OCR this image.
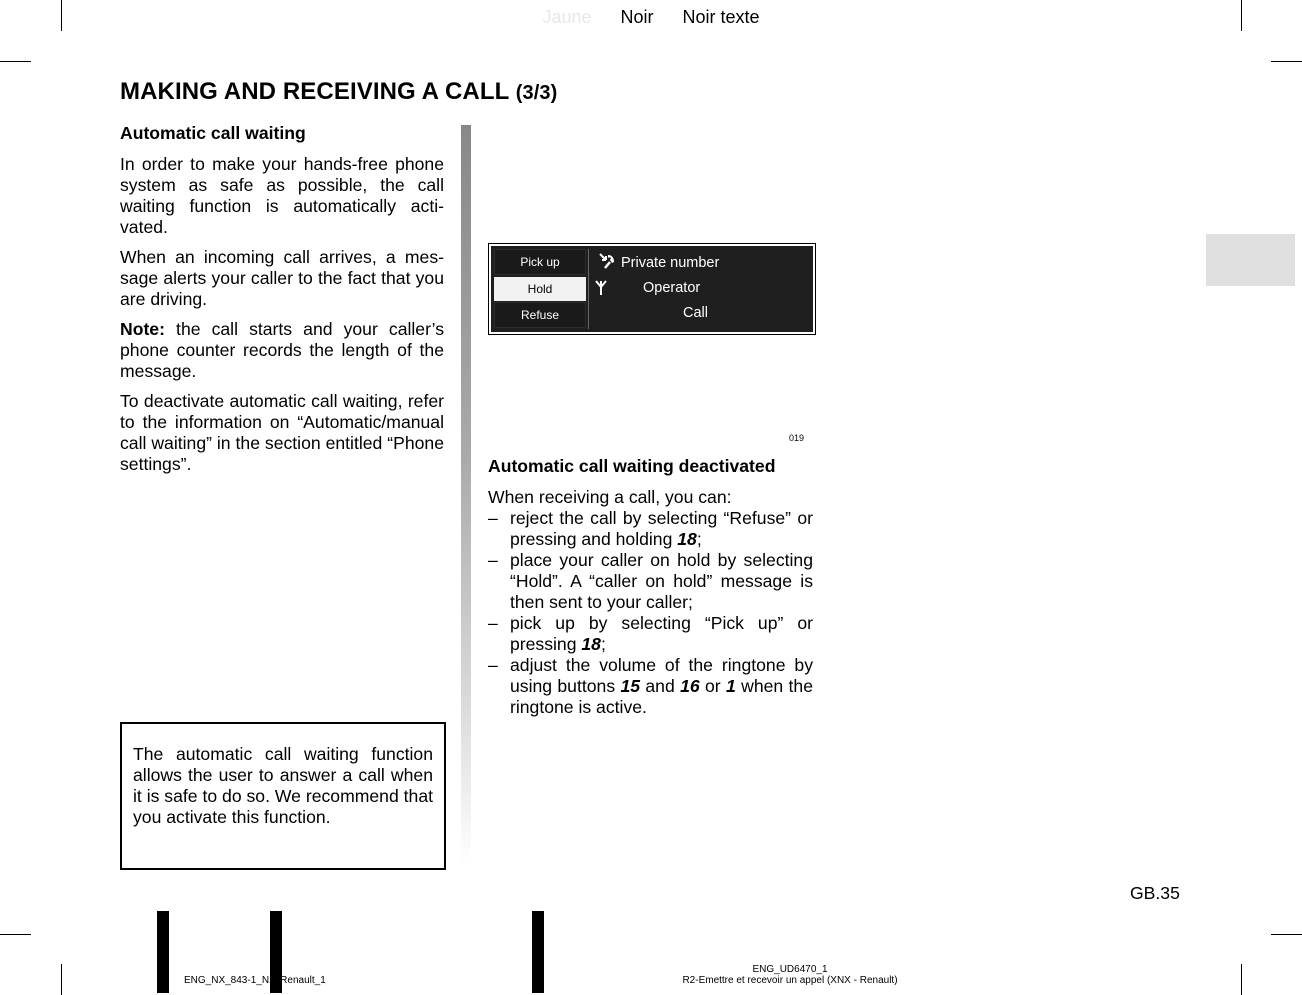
Jaune Noir Noir texte
MAKING AND RECEIVING A CALL (3/3)
Automatic call waiting

In order to make your hands-free phone system as safe as possible, the call waiting function is automatically activated.

When an incoming call arrives, a message alerts your caller to the fact that you are driving.

Note: the call starts and your caller’s phone counter records the length of the message.

To deactivate automatic call waiting, refer to the information on “Automatic/manual call waiting” in the section entitled “Phone settings”.

The automatic call waiting function allows the user to answer a call when it is safe to do so. We recommend that you activate this function.
Pick up
Hold
Refuse
Private number
Operator
Call
019
Automatic call waiting deactivated
When receiving a call, you can:
– reject the call by selecting “Refuse” or pressing and holding 18;
– place your caller on hold by selecting “Hold”. A “caller on hold” message is then sent to your caller;
– pick up by selecting “Pick up” or pressing 18;
– adjust the volume of the ringtone by using buttons 15 and 16 or 1 when the ringtone is active.
GB.35
ENG_NX_843-1_N1_Renault_1
ENG_UD6470_1
R2-Emettre et recevoir un appel (XNX - Renault)
